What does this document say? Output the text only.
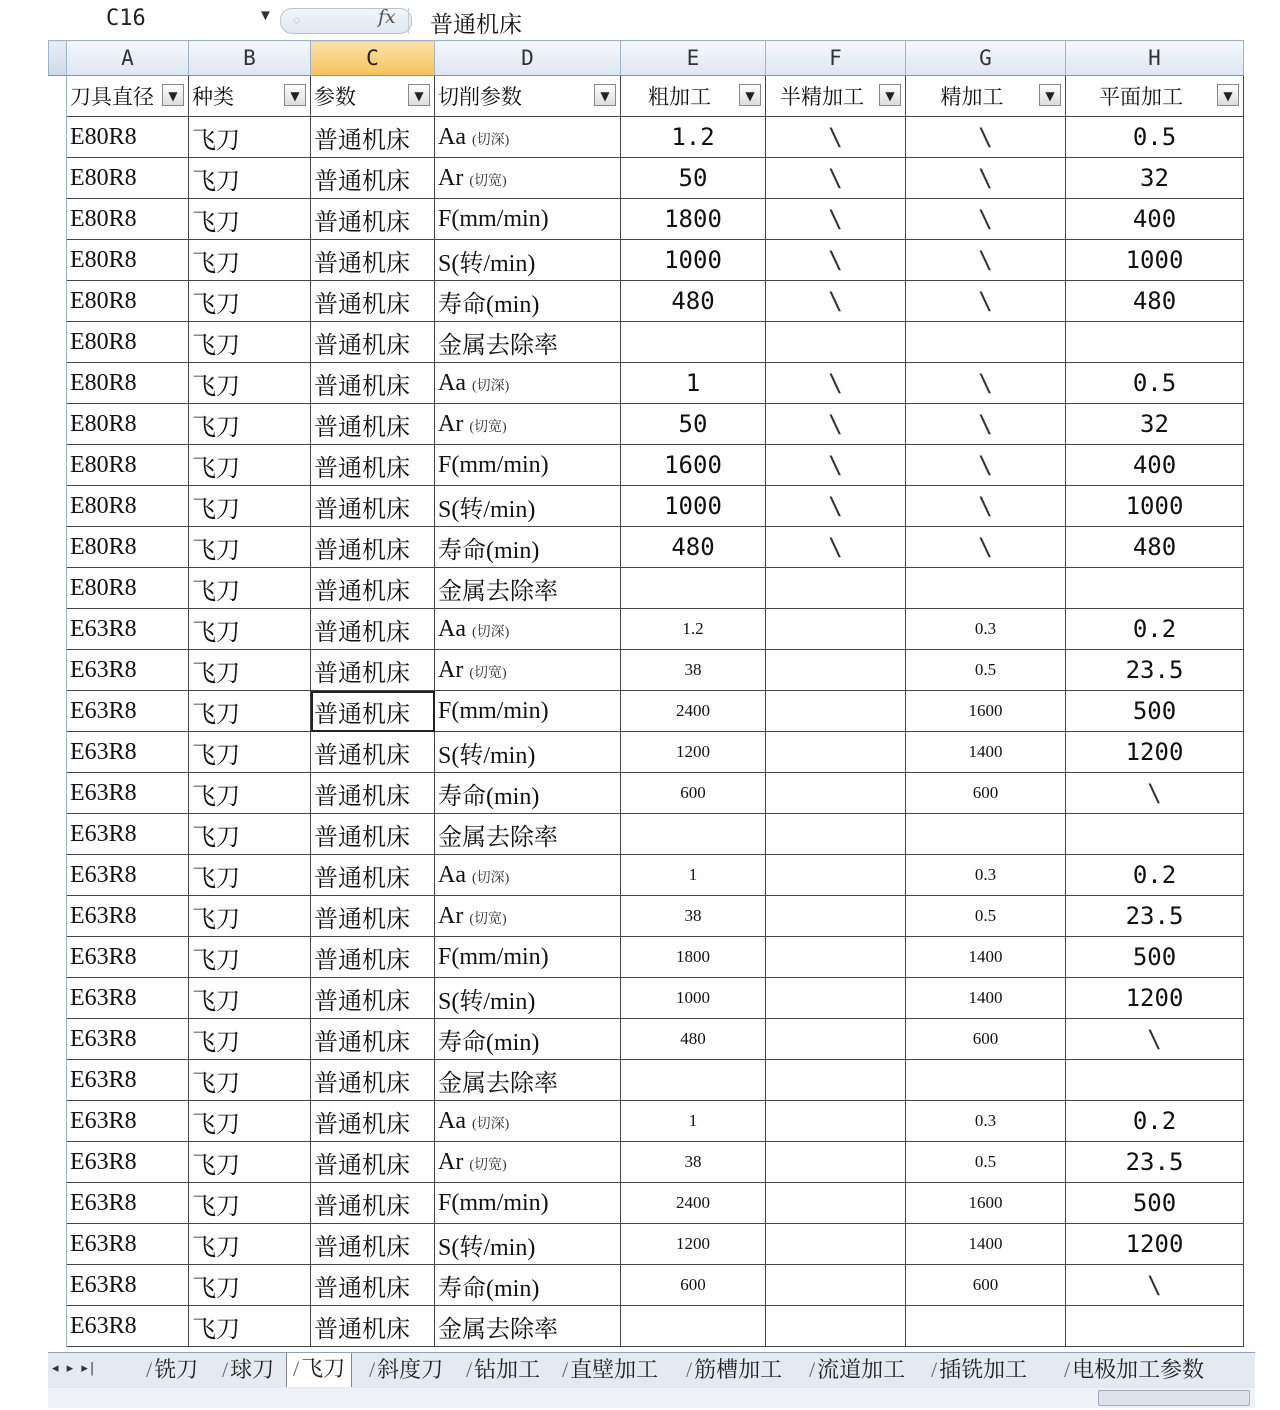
C16	▼ ◌	fx 普通机床
	A	B	C	D	E	F	G	H
	刀具直径 ▼	种类 ▼	参数 ▼	切削参数 ▼	粗加工 ▼	半精加工 ▼	精加工 ▼	平面加工 ▼

	E80R8	飞刀	普通机床	Aa (切深)	1.2	\	\	0.5
	E80R8	飞刀	普通机床	Ar (切宽)	50	\	\	32
	E80R8	飞刀	普通机床	F(mm/min)	1800	\	\	400
	E80R8	飞刀	普通机床	S(转/min)	1000	\	\	1000
	E80R8	飞刀	普通机床	寿命(min)	480	\	\	480
	E80R8	飞刀	普通机床	金属去除率				
	E80R8	飞刀	普通机床	Aa (切深)	1	\	\	0.5
	E80R8	飞刀	普通机床	Ar (切宽)	50	\	\	32
	E80R8	飞刀	普通机床	F(mm/min)	1600	\	\	400
	E80R8	飞刀	普通机床	S(转/min)	1000	\	\	1000
	E80R8	飞刀	普通机床	寿命(min)	480	\	\	480
	E80R8	飞刀	普通机床	金属去除率				
	E63R8	飞刀	普通机床	Aa (切深)	1.2		0.3	0.2
	E63R8	飞刀	普通机床	Ar (切宽)	38		0.5	23.5
	E63R8	飞刀	普通机床	F(mm/min)	2400		1600	500
	E63R8	飞刀	普通机床	S(转/min)	1200		1400	1200
	E63R8	飞刀	普通机床	寿命(min)	600		600	\
	E63R8	飞刀	普通机床	金属去除率				
	E63R8	飞刀	普通机床	Aa (切深)	1		0.3	0.2
	E63R8	飞刀	普通机床	Ar (切宽)	38		0.5	23.5
	E63R8	飞刀	普通机床	F(mm/min)	1800		1400	500
	E63R8	飞刀	普通机床	S(转/min)	1000		1400	1200
	E63R8	飞刀	普通机床	寿命(min)	480		600	\
	E63R8	飞刀	普通机床	金属去除率				
	E63R8	飞刀	普通机床	Aa (切深)	1		0.3	0.2
	E63R8	飞刀	普通机床	Ar (切宽)	38		0.5	23.5
	E63R8	飞刀	普通机床	F(mm/min)	2400		1600	500
	E63R8	飞刀	普通机床	S(转/min)	1200		1400	1200
	E63R8	飞刀	普通机床	寿命(min)	600		600	\
	E63R8	飞刀	普通机床	金属去除率				
◂ ▸ ▸| /铣刀 /球刀 /飞刀	/斜度刀 /钻加工 /直壁加工 /筋槽加工 /流道加工 /插铣加工 /电极加工参数
